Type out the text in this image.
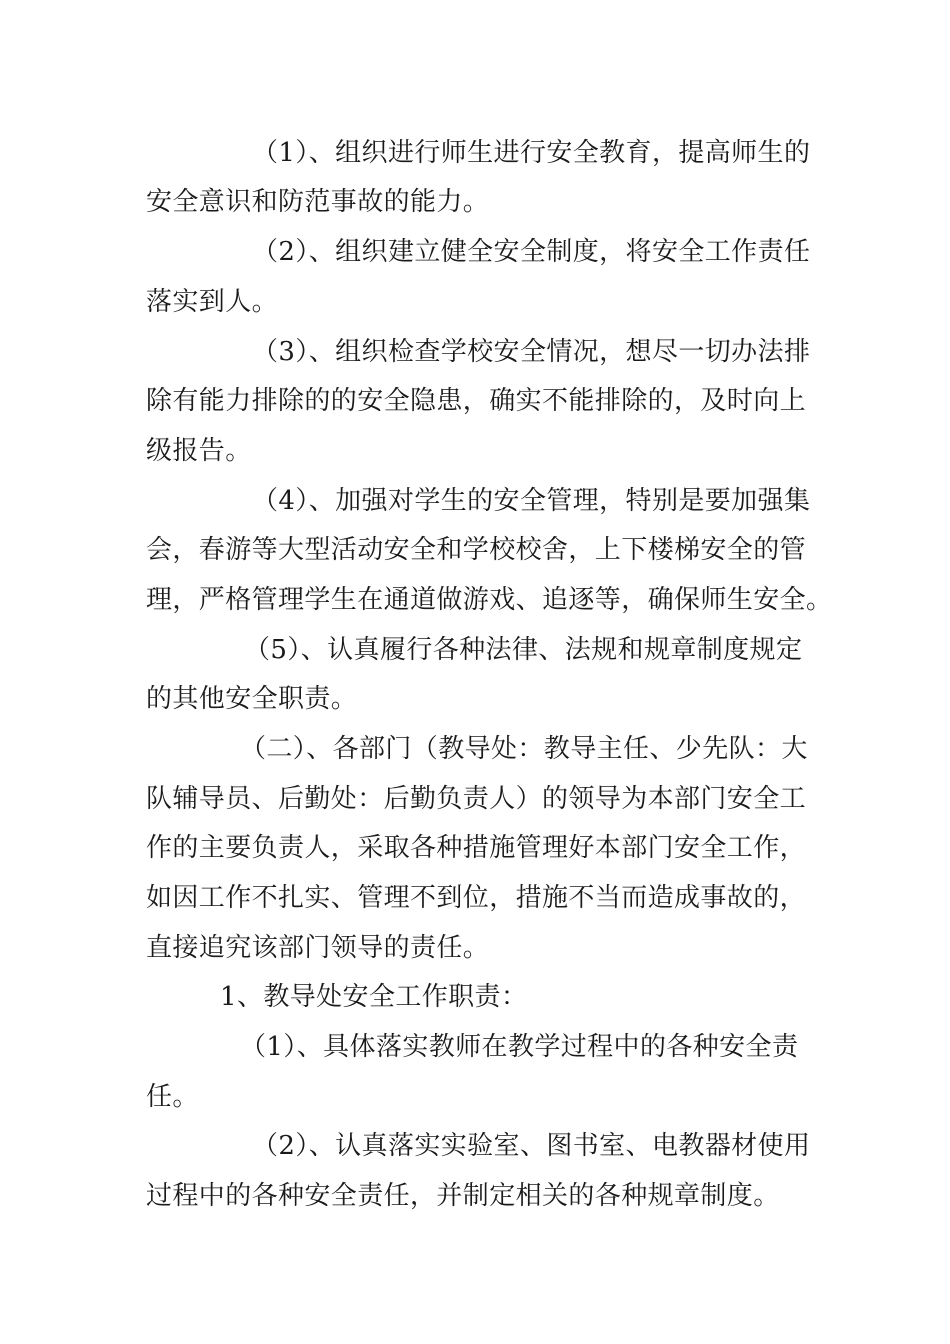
（1）、组织进行师生进行安全教育，提高师生的

安全意识和防范事故的能力。

（2）、组织建立健全安全制度，将安全工作责任

落实到人。

（3）、组织检查学校安全情况，想尽一切办法排

除有能力排除的的安全隐患，确实不能排除的，及时向上

级报告。

（4）、加强对学生的安全管理，特别是要加强集

会，春游等大型活动安全和学校校舍，上下楼梯安全的管

理，严格管理学生在通道做游戏、追逐等，确保师生安全。

（5）、认真履行各种法律、法规和规章制度规定

的其他安全职责。

（二）、各部门（教导处：教导主任、少先队：大

队辅导员、后勤处：后勤负责人）的领导为本部门安全工

作的主要负责人，采取各种措施管理好本部门安全工作，

如因工作不扎实、管理不到位，措施不当而造成事故的，

直接追究该部门领导的责任。

1、教导处安全工作职责：

（1）、具体落实教师在教学过程中的各种安全责

任。

（2）、认真落实实验室、图书室、电教器材使用

过程中的各种安全责任，并制定相关的各种规章制度。
